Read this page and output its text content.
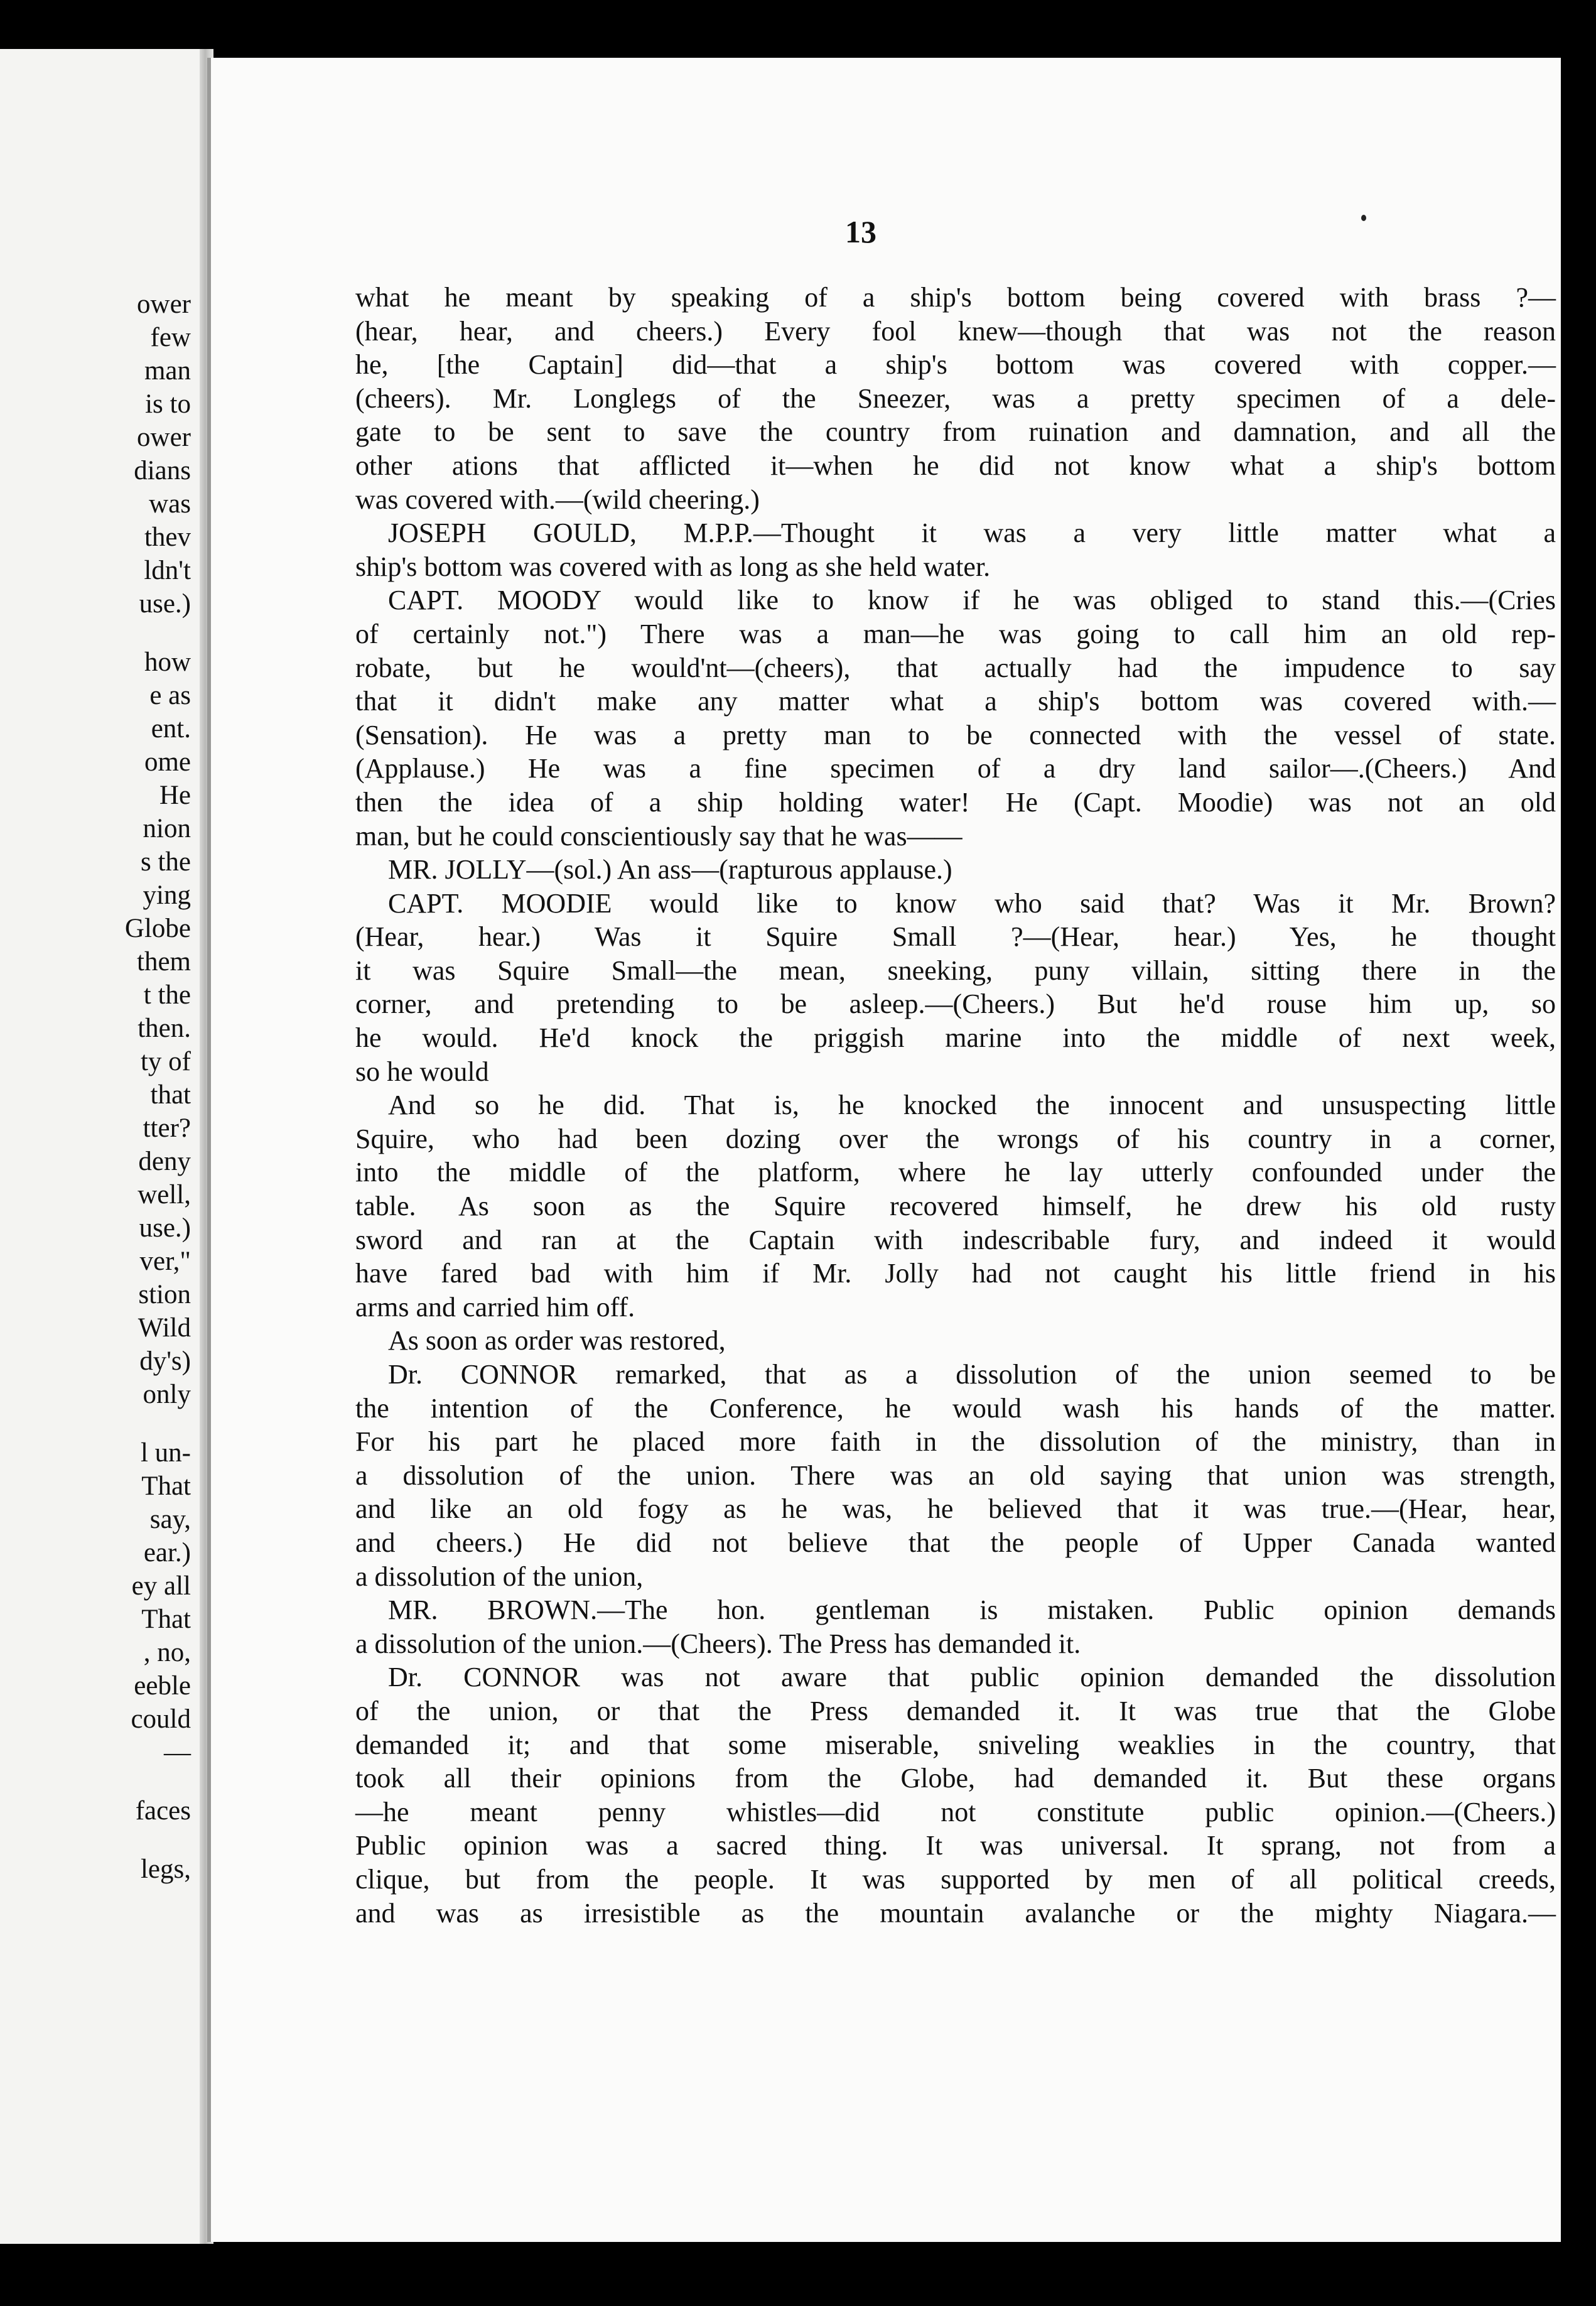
ower
few
man
is to
ower
dians
was
thev
ldn't
use.)
how
e as
ent.
ome
He
nion
s the
ying
Globe
them
t the
then.
ty of
that
tter?
deny
well,
use.)
ver,"
stion
Wild
dy's)
only
l un-
That
say,
ear.)
ey all
That
, no,
eeble
could
—
faces
legs,
13
what he meant by speaking of a ship's bottom being covered with brass ?—
(hear, hear, and cheers.) Every fool knew—though that was not the reason
he, [the Captain] did—that a ship's bottom was covered with copper.—
(cheers). Mr. Longlegs of the Sneezer, was a pretty specimen of a dele-
gate to be sent to save the country from ruination and damnation, and all the
other ations that afflicted it—when he did not know what a ship's bottom
was covered with.—(wild cheering.)
JOSEPH GOULD, M.P.P.—Thought it was a very little matter what a
ship's bottom was covered with as long as she held water.
CAPT. MOODY would like to know if he was obliged to stand this.—(Cries
of certainly not.") There was a man—he was going to call him an old rep-
robate, but he would'nt—(cheers), that actually had the impudence to say
that it didn't make any matter what a ship's bottom was covered with.—
(Sensation). He was a pretty man to be connected with the vessel of state.
(Applause.) He was a fine specimen of a dry land sailor—.(Cheers.) And
then the idea of a ship holding water! He (Capt. Moodie) was not an old
man, but he could conscientiously say that he was——
MR. JOLLY—(sol.) An ass—(rapturous applause.)
CAPT. MOODIE would like to know who said that? Was it Mr. Brown?
(Hear, hear.) Was it Squire Small ?—(Hear, hear.) Yes, he thought
it was Squire Small—the mean, sneeking, puny villain, sitting there in the
corner, and pretending to be asleep.—(Cheers.) But he'd rouse him up, so
he would. He'd knock the priggish marine into the middle of next week,
so he would
And so he did. That is, he knocked the innocent and unsuspecting little
Squire, who had been dozing over the wrongs of his country in a corner,
into the middle of the platform, where he lay utterly confounded under the
table. As soon as the Squire recovered himself, he drew his old rusty
sword and ran at the Captain with indescribable fury, and indeed it would
have fared bad with him if Mr. Jolly had not caught his little friend in his
arms and carried him off.
As soon as order was restored,
Dr. CONNOR remarked, that as a dissolution of the union seemed to be
the intention of the Conference, he would wash his hands of the matter.
For his part he placed more faith in the dissolution of the ministry, than in
a dissolution of the union. There was an old saying that union was strength,
and like an old fogy as he was, he believed that it was true.—(Hear, hear,
and cheers.) He did not believe that the people of Upper Canada wanted
a dissolution of the union,
MR. BROWN.—The hon. gentleman is mistaken. Public opinion demands
a dissolution of the union.—(Cheers). The Press has demanded it.
Dr. CONNOR was not aware that public opinion demanded the dissolution
of the union, or that the Press demanded it. It was true that the Globe
demanded it; and that some miserable, sniveling weaklies in the country, that
took all their opinions from the Globe, had demanded it. But these organs
—he meant penny whistles—did not constitute public opinion.—(Cheers.)
Public opinion was a sacred thing. It was universal. It sprang, not from a
clique, but from the people. It was supported by men of all political creeds,
and was as irresistible as the mountain avalanche or the mighty Niagara.—
